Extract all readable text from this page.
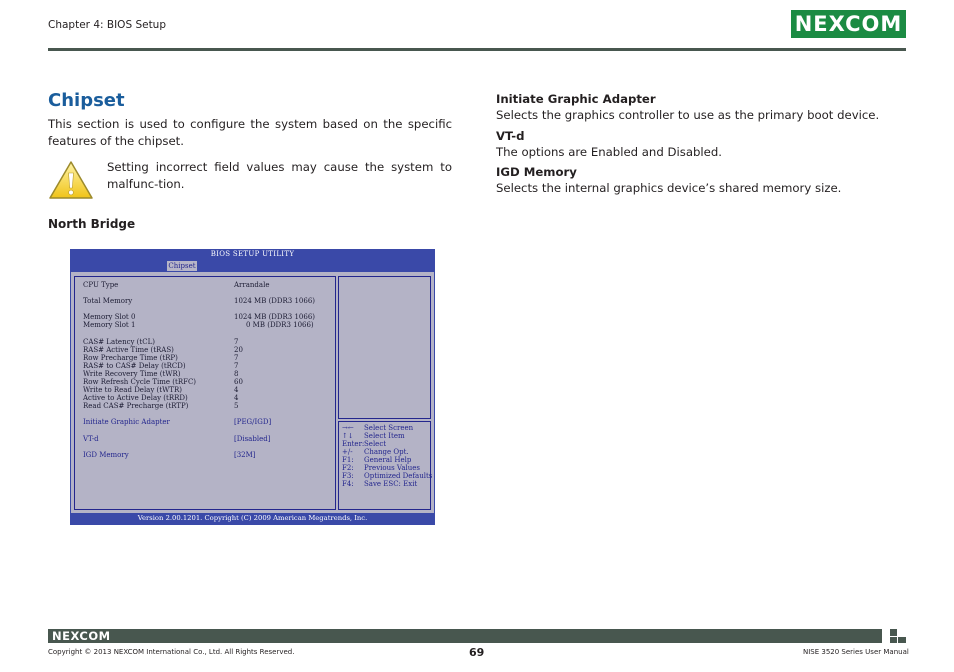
Chapter 4: BIOS Setup	NEXCOM
Chipset
This section is used to configure the system based on the specific features of the chipset.
Setting incorrect field values may cause the system to malfunc-tion.
North Bridge
BIOS SETUP UTILITY
Chipset
CPU Type	Arrandale
Total Memory	1024 MB (DDR3 1066)
Memory Slot 0	1024 MB (DDR3 1066)
Memory Slot 1	0 MB (DDR3 1066)
CAS# Latency (tCL)	7
RAS# Active Time (tRAS)	20
Row Precharge Time (tRP)	7
RAS# to CAS# Delay (tRCD)	7
Write Recovery Time (tWR)	8
Row Refresh Cycle Time (tRFC)	60
Write to Read Delay (tWTR)	4
Active to Active Delay (tRRD)	4
Read CAS# Precharge (tRTP)	5
Initiate Graphic Adapter	[PEG/IGD]
VT-d	[Disabled]
IGD Memory	[32M]
→← Select Screen
↑↓ Select Item
Enter: Select
+/- Change Opt.
F1: General Help
F2: Previous Values
F3: Optimized Defaults
F4: Save ESC: Exit
Version 2.00.1201. Copyright (C) 2009 American Megatrends, Inc.
Initiate Graphic Adapter
Selects the graphics controller to use as the primary boot device.
VT-d
The options are Enabled and Disabled.
IGD Memory
Selects the internal graphics device’s shared memory size.
NEXCOM
Copyright © 2013 NEXCOM International Co., Ltd. All Rights Reserved.	69	NISE 3520 Series User Manual
